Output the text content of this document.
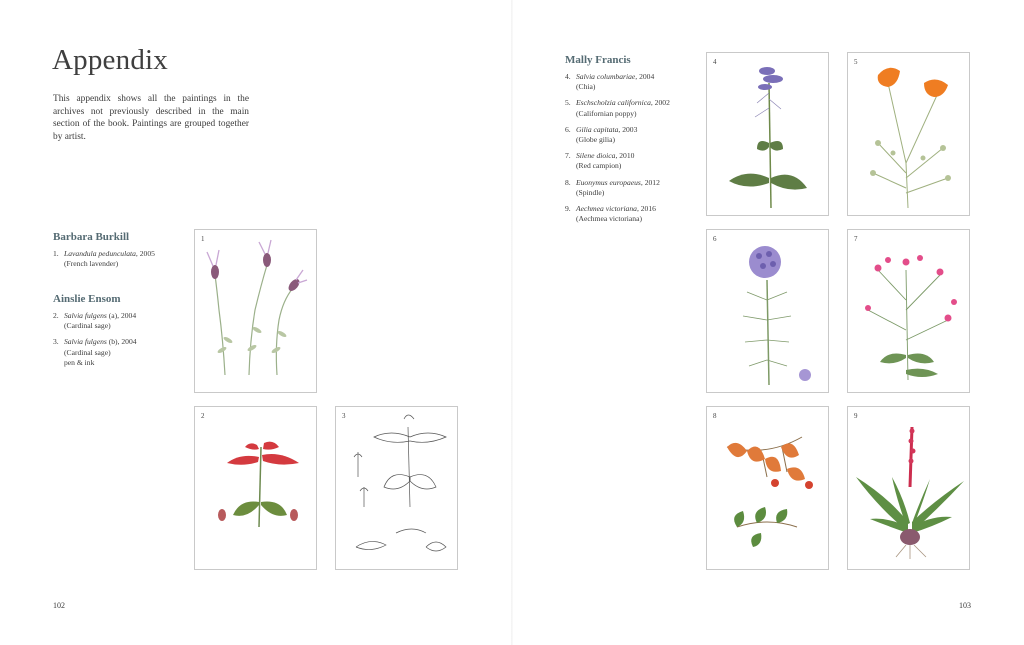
Appendix
This appendix shows all the paintings in the archives not previously described in the main section of the book. Paintings are grouped together by artist.
Barbara Burkill
1. Lavandula pedunculata, 2005
(French lavender)
Ainslie Ensom
2. Salvia fulgens (a), 2004
(Cardinal sage)
3. Salvia fulgens (b), 2004
(Cardinal sage)
pen & ink
1
2	3
102
Mally Francis
4. Salvia columbariae, 2004
(Chia)
5. Eschscholzia californica, 2002
(Californian poppy)
6. Gilia capitata, 2003
(Globe gilia)
7. Silene dioica, 2010
(Red campion)
8. Euonymus europaeus, 2012
(Spindle)
9. Aechmea victoriana, 2016
(Aechmea victoriana)
4	5
6	7
8	9
103
